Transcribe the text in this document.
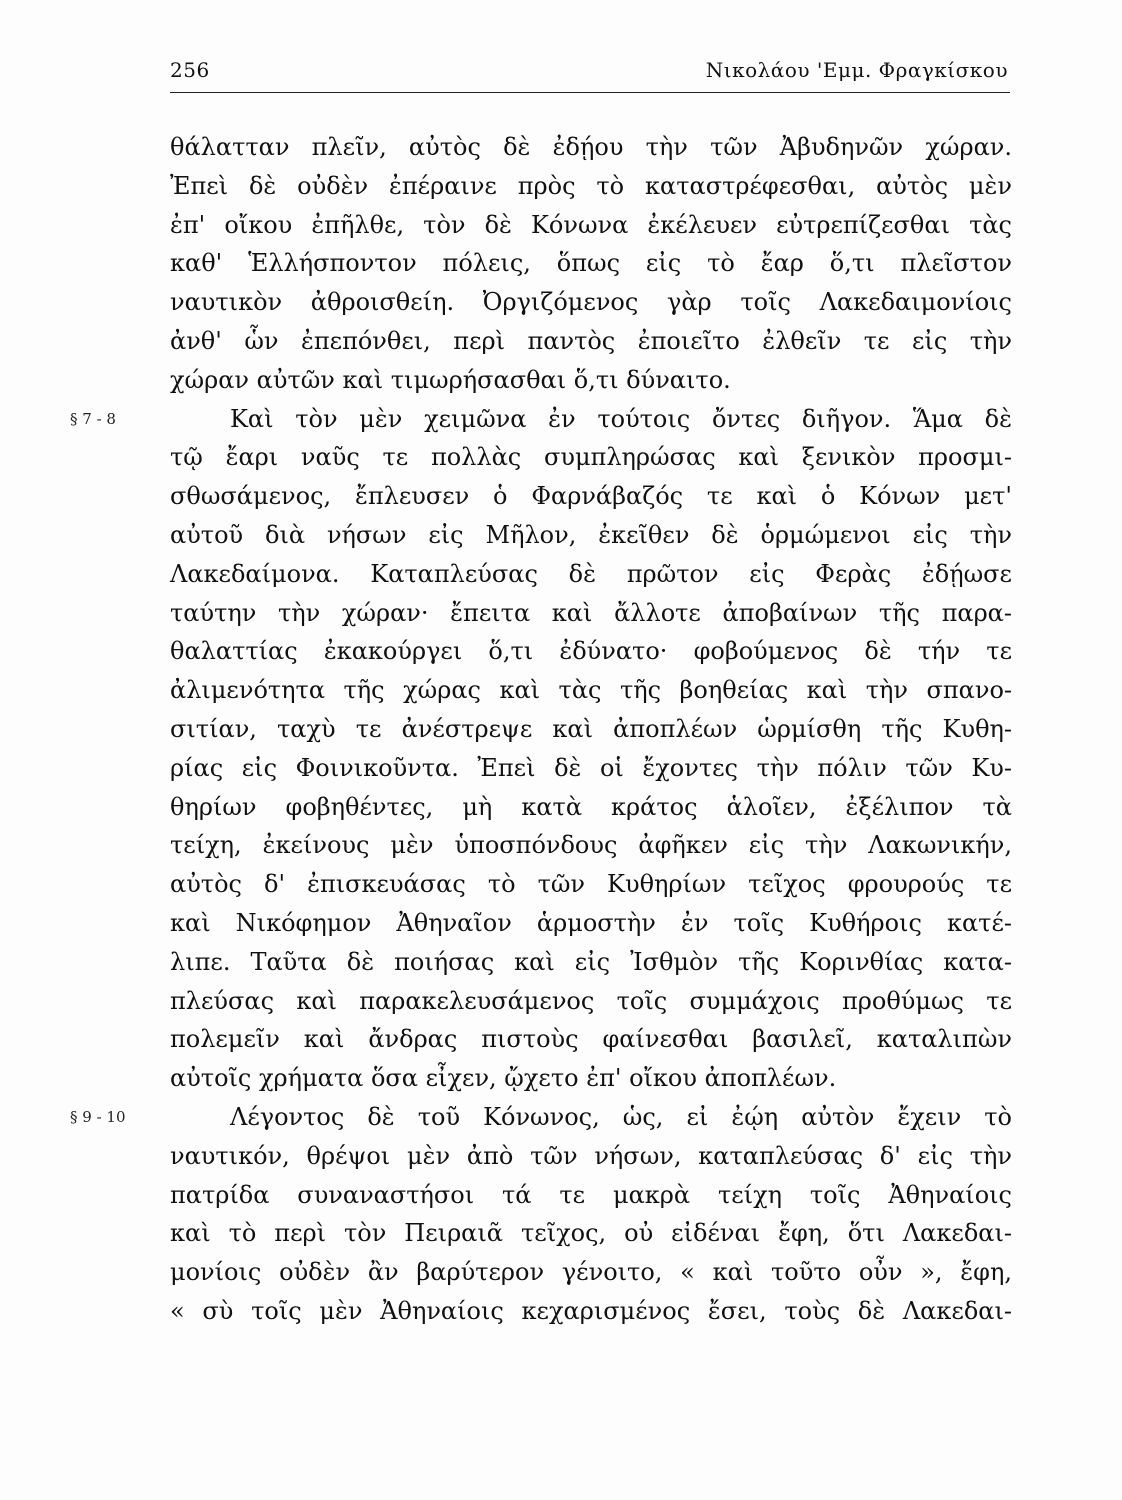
256	Νικολάου 'Εμμ. Φραγκίσκου
θάλατταν πλεῖν, αὐτὸς δὲ ἐδῄου τὴν τῶν Ἀβυδηνῶν χώραν.
Ἐπεὶ δὲ οὐδὲν ἐπέραινε πρὸς τὸ καταστρέφεσθαι, αὐτὸς μὲν
ἐπ' οἴκου ἐπῆλθε, τὸν δὲ Κόνωνα ἐκέλευεν εὐτρεπίζεσθαι τὰς
καθ' Ἑλλήσποντον πόλεις, ὅπως εἰς τὸ ἔαρ ὅ,τι πλεῖστον
ναυτικὸν ἀθροισθείη. Ὀργιζόμενος γὰρ τοῖς Λακεδαιμονίοις
ἀνθ' ὧν ἐπεπόνθει, περὶ παντὸς ἐποιεῖτο ἐλθεῖν τε εἰς τὴν
χώραν αὐτῶν καὶ τιμωρήσασθαι ὅ,τι δύναιτο.
§ 7 - 8	Καὶ τὸν μὲν χειμῶνα ἐν τούτοις ὄντες διῆγον. Ἅμα δὲ
τῷ ἔαρι ναῦς τε πολλὰς συμπληρώσας καὶ ξενικὸν προσμι-
σθωσάμενος, ἔπλευσεν ὁ Φαρνάβαζός τε καὶ ὁ Κόνων μετ'
αὐτοῦ διὰ νήσων εἰς Μῆλον, ἐκεῖθεν δὲ ὁρμώμενοι εἰς τὴν
Λακεδαίμονα. Καταπλεύσας δὲ πρῶτον εἰς Φερὰς ἐδῄωσε
ταύτην τὴν χώραν· ἔπειτα καὶ ἄλλοτε ἀποβαίνων τῆς παρα-
θαλαττίας ἐκακούργει ὅ,τι ἐδύνατο· φοβούμενος δὲ τήν τε
ἀλιμενότητα τῆς χώρας καὶ τὰς τῆς βοηθείας καὶ τὴν σπανο-
σιτίαν, ταχὺ τε ἀνέστρεψε καὶ ἀποπλέων ὡρμίσθη τῆς Κυθη-
ρίας εἰς Φοινικοῦντα. Ἐπεὶ δὲ οἱ ἔχοντες τὴν πόλιν τῶν Κυ-
θηρίων φοβηθέντες, μὴ κατὰ κράτος ἁλοῖεν, ἐξέλιπον τὰ
τείχη, ἐκείνους μὲν ὑποσπόνδους ἀφῆκεν εἰς τὴν Λακωνικήν,
αὐτὸς δ' ἐπισκευάσας τὸ τῶν Κυθηρίων τεῖχος φρουρούς τε
καὶ Νικόφημον Ἀθηναῖον ἁρμοστὴν ἐν τοῖς Κυθήροις κατέ-
λιπε. Ταῦτα δὲ ποιήσας καὶ εἰς Ἰσθμὸν τῆς Κορινθίας κατα-
πλεύσας καὶ παρακελευσάμενος τοῖς συμμάχοις προθύμως τε
πολεμεῖν καὶ ἄνδρας πιστοὺς φαίνεσθαι βασιλεῖ, καταλιπὼν
αὐτοῖς χρήματα ὅσα εἶχεν, ᾤχετο ἐπ' οἴκου ἀποπλέων.
§ 9 - 10	Λέγοντος δὲ τοῦ Κόνωνος, ὡς, εἰ ἐῴη αὐτὸν ἔχειν τὸ
ναυτικόν, θρέψοι μὲν ἀπὸ τῶν νήσων, καταπλεύσας δ' εἰς τὴν
πατρίδα συναναστήσοι τά τε μακρὰ τείχη τοῖς Ἀθηναίοις
καὶ τὸ περὶ τὸν Πειραιᾶ τεῖχος, οὐ εἰδέναι ἔφη, ὅτι Λακεδαι-
μονίοις οὐδὲν ἂν βαρύτερον γένοιτο, « καὶ τοῦτο οὖν », ἔφη,
« σὺ τοῖς μὲν Ἀθηναίοις κεχαρισμένος ἔσει, τοὺς δὲ Λακεδαι-
